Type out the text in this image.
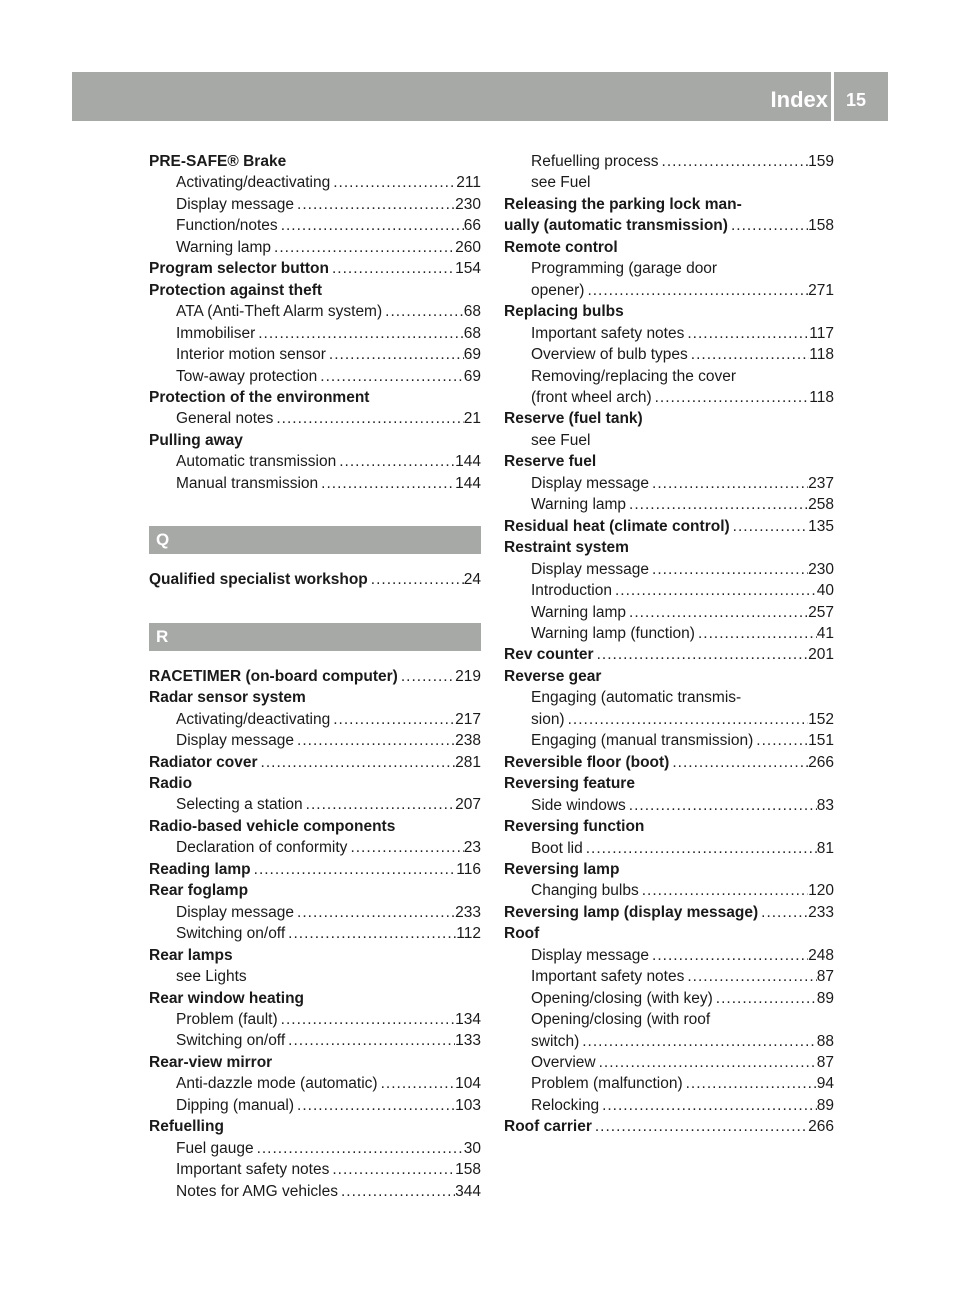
Index 15
PRE-SAFE® Brake
Activating/deactivating .....	211
Display message .....	230
Function/notes .....	66
Warning lamp .....	260
Program selector button .....	154
Protection against theft
ATA (Anti-Theft Alarm system) .....	68
Immobiliser .....	68
Interior motion sensor .....	69
Tow-away protection .....	69
Protection of the environment
General notes .....	21
Pulling away
Automatic transmission .....	144
Manual transmission .....	144
Q
Qualified specialist workshop .....	24
R
RACETIMER (on-board computer) .....	219
Radar sensor system
Activating/deactivating .....	217
Display message .....	238
Radiator cover .....	281
Radio
Selecting a station .....	207
Radio-based vehicle components
Declaration of conformity .....	23
Reading lamp .....	116
Rear foglamp
Display message .....	233
Switching on/off .....	112
Rear lamps
see Lights
Rear window heating
Problem (fault) .....	134
Switching on/off .....	133
Rear-view mirror
Anti-dazzle mode (automatic) .....	104
Dipping (manual) .....	103
Refuelling
Fuel gauge .....	30
Important safety notes .....	158
Notes for AMG vehicles .....	344
Refuelling process .....	159
see Fuel
Releasing the parking lock man-
ually (automatic transmission) .....	158
Remote control
Programming (garage door
opener) .....	271
Replacing bulbs
Important safety notes .....	117
Overview of bulb types .....	118
Removing/replacing the cover
(front wheel arch) .....	118
Reserve (fuel tank)
see Fuel
Reserve fuel
Display message .....	237
Warning lamp .....	258
Residual heat (climate control) .....	135
Restraint system
Display message .....	230
Introduction .....	40
Warning lamp .....	257
Warning lamp (function) .....	41
Rev counter .....	201
Reverse gear
Engaging (automatic transmis-
sion) .....	152
Engaging (manual transmission) .....	151
Reversible floor (boot) .....	266
Reversing feature
Side windows .....	83
Reversing function
Boot lid .....	81
Reversing lamp
Changing bulbs .....	120
Reversing lamp (display message) .....	233
Roof
Display message .....	248
Important safety notes .....	87
Opening/closing (with key) .....	89
Opening/closing (with roof
switch) .....	88
Overview .....	87
Problem (malfunction) .....	94
Relocking .....	89
Roof carrier .....	266
